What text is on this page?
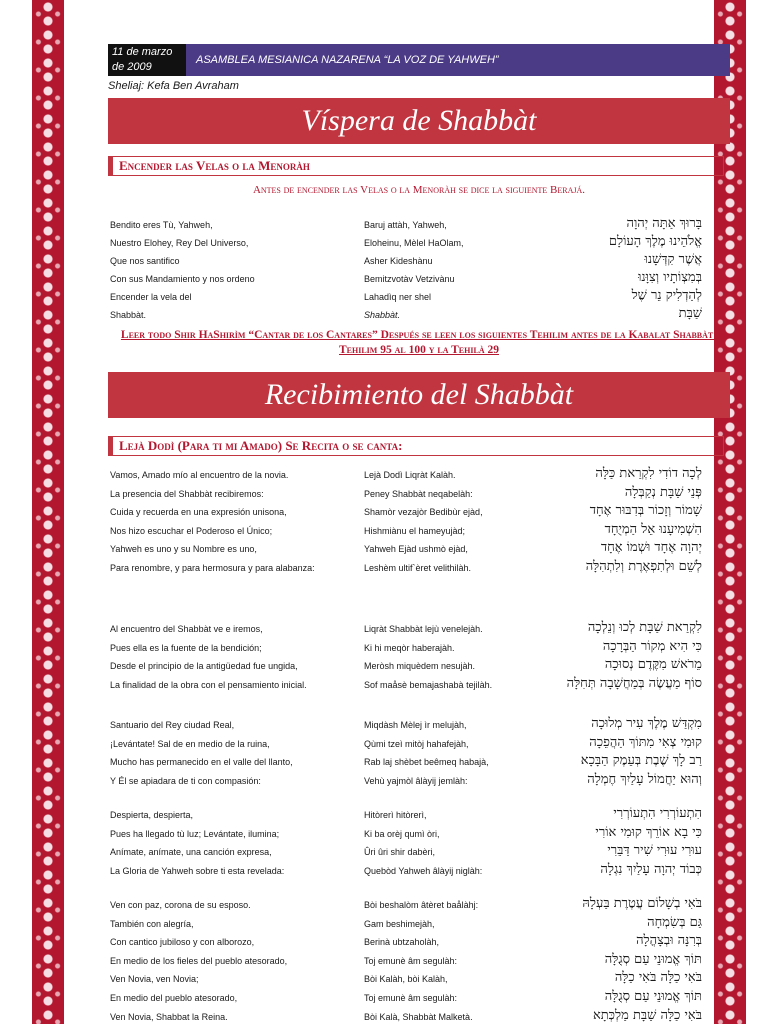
11 de marzo de 2009
ASAMBLEA MESIANICA NAZARENA “LA VOZ DE YAHWEH”
Sheliaj: Kefa Ben Avraham
Víspera de Shabbàt
Encender las Velas o la Menoràh
Antes de encender las Velas o la Menoràh se dice la siguiente Berajá.
Bendito eres Tù, Yahweh,	Baruj attàh, Yahweh,	בָּרוּךְ אַתָּה יְהוָה
Nuestro Elohey, Rey Del Universo,	Eloheinu, Mèlel HaOlam,	אֱלֹהֵינוּ מֶלֶךְ הָעוֹלָם
Que nos santifico	Asher Kideshànu	אֲשֶׁר קִדְּשָׁנוּ
Con sus Mandamiento y nos ordeno	Bemitzvotàv Vetzivànu	בְּמִצְוֹתָיו וְצִוָּנוּ
Encender la vela del	Lahadìq ner shel	לְהַדְלִיק נֵר שֶׁל
Shabbàt.	Shabbàt.	שַׁבָּת
Leer todo Shir HaShirìm “Cantar de los Cantares” Después se leen los siguientes Tehilim antes de la Kabalat Shabbàt: Tehilim 95 al 100 y la Tehilà 29
Recibimiento del Shabbàt
Lejà Dodì (Para ti mi Amado) Se Recita o se canta:
Vamos, Amado mío al encuentro de la novia.	Lejà Dodì Liqràt Kalàh.	לְכָה דוֹדִי לִקְרַאת כַּלָּה
La presencia del Shabbàt recibiremos:	Peney Shabbàt neqabelàh:	פְּנֵי שַׁבָּת נְקַבְּלָה
Cuida y recuerda en una expresión unisona,	Shamòr vezajòr Bedibùr ejàd,	שָׁמוֹר וְזָכוֹר בְּדִבּוּר אֶחָד
Nos hizo escuchar el Poderoso el Único;	Hishmiànu el hameyujàd;	הִשְׁמִיעָנוּ אֵל הַמְיֻחָד
Yahweh es uno y su Nombre es uno,	Yahweh Ejàd ushmò ejàd,	יְהוָה אֶחָד וּשְׁמוֹ אֶחָד
Para renombre, y para hermosura y para alabanza:	Leshèm ultif`èret velithilàh.	לְשֵׁם וּלְתִפְאֶרֶת וְלִתְהִלָּה
Al encuentro del Shabbàt ve e iremos,	Liqràt Shabbàt lejù venelejàh.	לִקְרַאת שַׁבָּת לְכוּ וְנֵלְכָה
Pues ella es la fuente de la bendición;	Ki hi meqòr haberajàh.	כִּי הִיא מְקוֹר הַבְּרָכָה
Desde el principio de la antigüedad fue ungida,	Meròsh miquèdem nesujàh.	מֵרֹאשׁ מִקֶּדֶם נְסוּכָה
La finalidad de la obra con el pensamiento inicial.	Sof maåsè bemajashabà tejilàh.	סוֹף מַעֲשֶׂה בְּמַחֲשָׁבָה תְּחִלָּה
Santuario del Rey ciudad Real,	Miqdàsh Mèlej ìr melujàh,	מִקְדַּשׁ מֶלֶךְ עִיר מְלוּכָה
¡Levántate! Sal de en medio de la ruina,	Qùmi tzeì mitòj hahafejàh,	קוּמִי צְאִי מִתּוֹךְ הַהֲפֵכָה
Mucho has permanecido en el valle del llanto,	Rab laj shèbet beêmeq habajà,	רַב לָךְ שֶׁבֶת בְּעֵמֶק הַבָּכָא
Y Él se apiadara de ti con compasión:	Vehù yajmòl âlàyij jemlàh:	וְהוּא יַחֲמוֹל עָלַיִךְ חֶמְלָה
Despierta, despierta,	Hitòrerì hitòrerì,	הִתְעוֹרְרִי הִתְעוֹרְרִי
Pues ha llegado tù luz; Levántate, ilumina;	Ki ba orèj qumì òri,	כִּי בָא אוֹרֵךְ קוּמִי אוֹרִי
Anímate, anímate, una canción expresa,	Ûri ûri shir dabèri,	עוּרִי עוּרִי שִׁיר דַּבֵּרִי
La Gloria de Yahweh sobre ti esta revelada:	Quebòd Yahweh âlàyij niglàh:	כְּבוֹד יְהוָה עָלַיִךְ נִגְלָה
Ven con paz, corona de su esposo.	Bòi beshalòm âtèret baålàhj:	בֹּאִי בְשָׁלוֹם עֲטֶרֶת בַּעְלָהּ
También con alegría,	Gam beshimejàh,	גַּם בְּשִׂמְחָה
Con cantico jubiloso y con alborozo,	Berinà ubtzaholàh,	בְּרִנָּה וּבְצָהֳלָה
En medio de los fieles del pueblo atesorado,	Toj emunè âm segulàh:	תּוֹךְ אֱמוּנֵי עַם סְגֻלָּה
Ven Novia, ven Novia;	Bòi Kalàh, bòi Kalàh,	בֹּאִי כַלָּה בֹּאִי כַלָּה
En medio del pueblo atesorado,	Toj emunè âm segulàh:	תּוֹךְ אֱמוּנֵי עַם סְגֻלָּה
Ven Novia, Shabbat la Reina.	Bòi Kalà, Shabbàt Malketà.	בֹּאִי כַלָּה שַׁבָּת מַלְכְּתָא
